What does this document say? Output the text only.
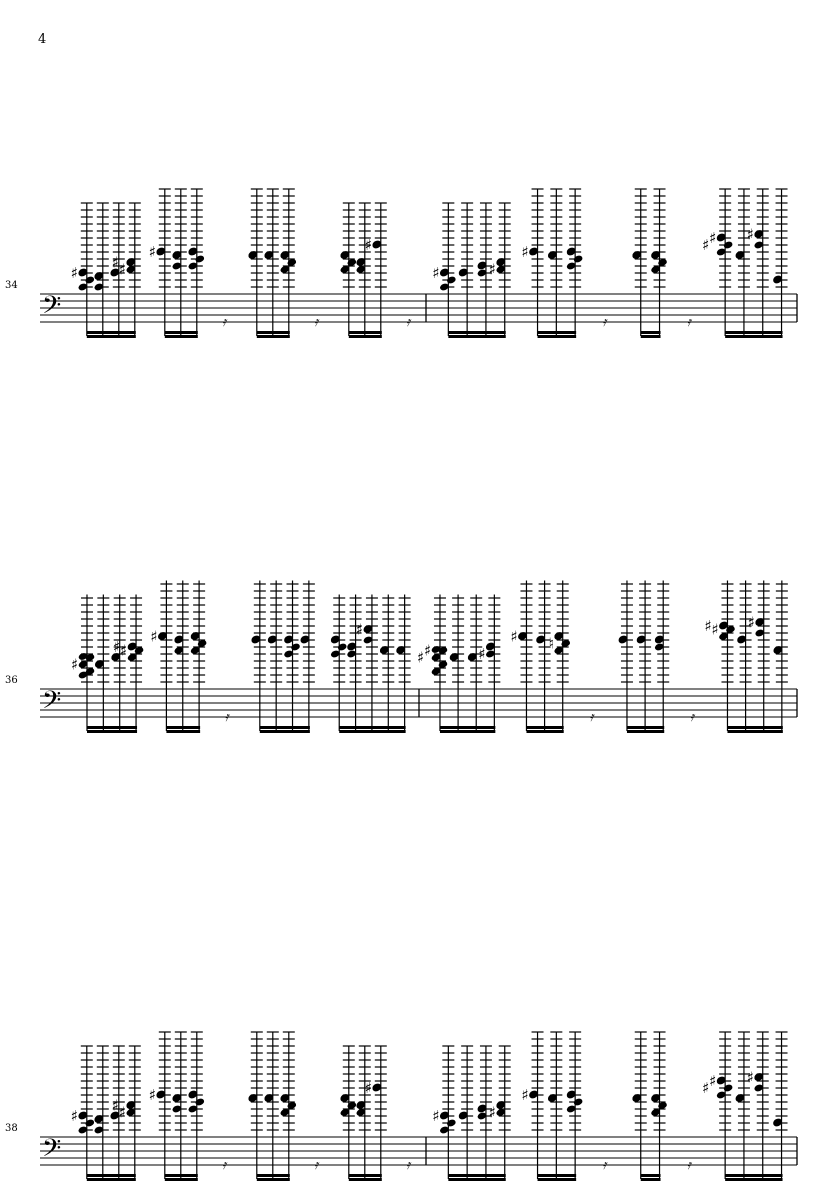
4
34
𝄢
♯	♯
♯
♯
𝄿	𝄿
♯
𝄿
♯	♯
♯
𝄿	𝄿
♯
♯
♯
36
𝄢
♯
♯
♯
♯
𝄿
♯
♯
♯	♯
♯ ♮
𝄿	𝄿
♯
♯ ♯
38
𝄢
♯	♯
♯
♯
𝄿	𝄿
♯
𝄿
♯	♯
♯
𝄿	𝄿
♯
♯
♯
